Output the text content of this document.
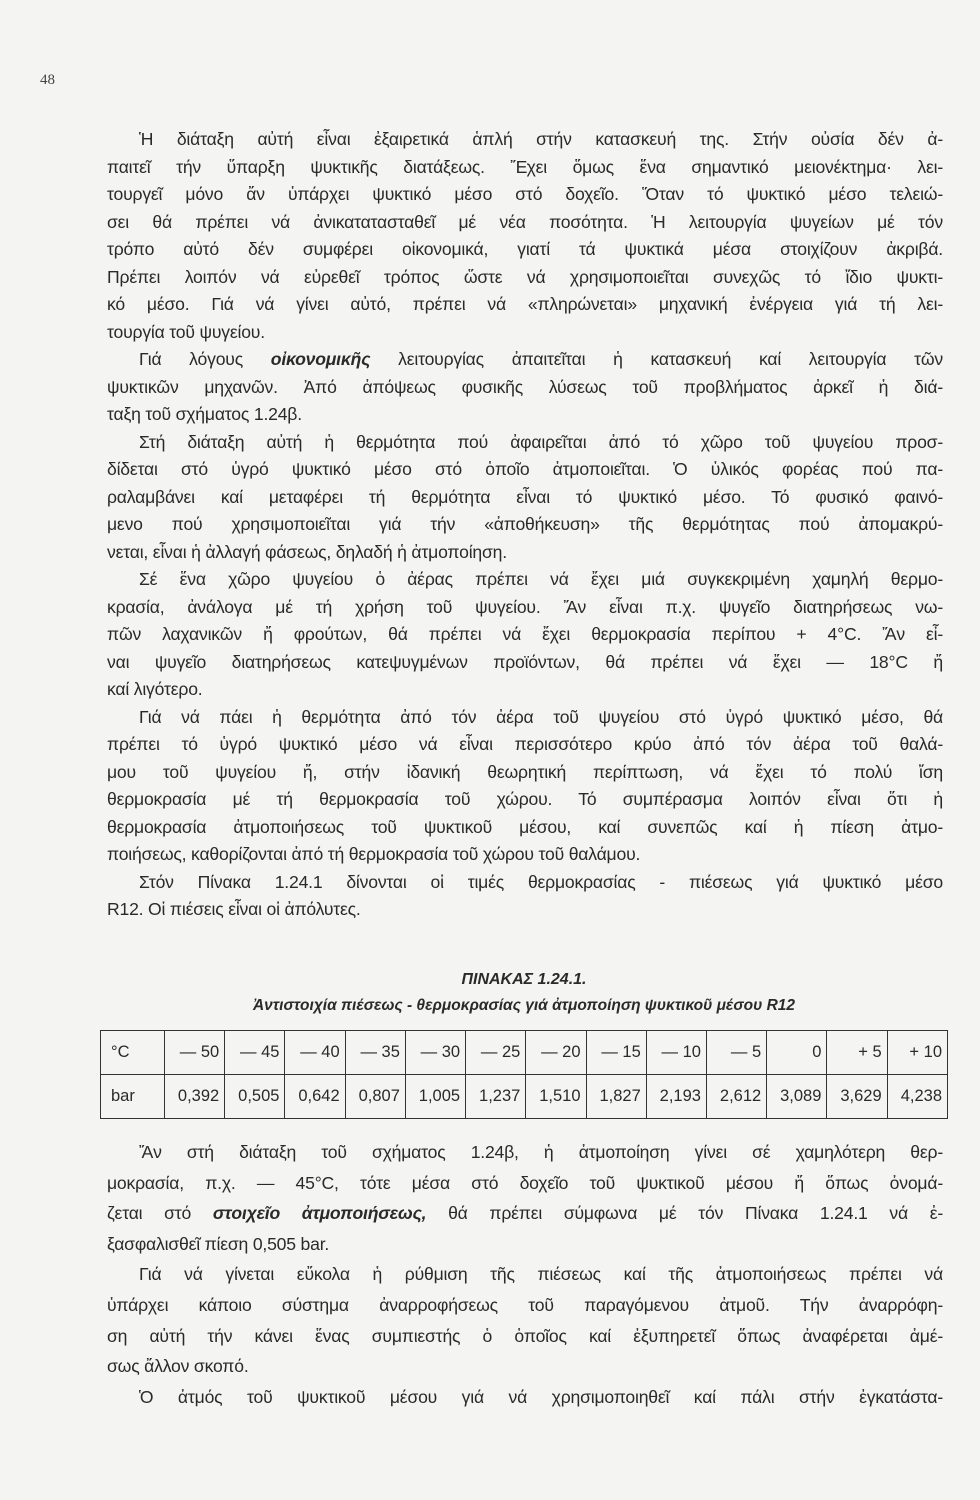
48
Ἡ διάταξη αὐτή εἶναι ἐξαιρετικά ἁπλή στήν κατασκευή της. Στήν οὐσία δέν ἀ-
παιτεῖ τήν ὕπαρξη ψυκτικῆς διατάξεως. Ἔχει ὅμως ἕνα σημαντικό μειονέκτημα· λει-
τουργεῖ μόνο ἄν ὑπάρχει ψυκτικό μέσο στό δοχεῖο. Ὅταν τό ψυκτικό μέσο τελειώ-
σει θά πρέπει νά ἀνικατατασταθεῖ μέ νέα ποσότητα. Ἡ λειτουργία ψυγείων μέ τόν
τρόπο αὐτό δέν συμφέρει οἰκονομικά, γιατί τά ψυκτικά μέσα στοιχίζουν ἀκριβά.
Πρέπει λοιπόν νά εὑρεθεῖ τρόπος ὥστε νά χρησιμοποιεῖται συνεχῶς τό ἴδιο ψυκτι-
κό μέσο. Γιά νά γίνει αὐτό, πρέπει νά «πληρώνεται» μηχανική ἐνέργεια γιά τή λει-
τουργία τοῦ ψυγείου.
Γιά λόγους οἰκονομικῆς λειτουργίας ἀπαιτεῖται ἡ κατασκευή καί λειτουργία τῶν
ψυκτικῶν μηχανῶν. Ἀπό ἀπόψεως φυσικῆς λύσεως τοῦ προβλήματος ἀρκεῖ ἡ διά-
ταξη τοῦ σχήματος 1.24β.
Στή διάταξη αὐτή ἡ θερμότητα πού ἀφαιρεῖται ἀπό τό χῶρο τοῦ ψυγείου προσ-
δίδεται στό ὑγρό ψυκτικό μέσο στό ὁποῖο ἀτμοποιεῖται. Ὁ ὑλικός φορέας πού πα-
ραλαμβάνει καί μεταφέρει τή θερμότητα εἶναι τό ψυκτικό μέσο. Τό φυσικό φαινό-
μενο πού χρησιμοποιεῖται γιά τήν «ἀποθήκευση» τῆς θερμότητας πού ἀπομακρύ-
νεται, εἶναι ἡ ἀλλαγή φάσεως, δηλαδή ἡ ἀτμοποίηση.
Σέ ἕνα χῶρο ψυγείου ὁ ἀέρας πρέπει νά ἔχει μιά συγκεκριμένη χαμηλή θερμο-
κρασία, ἀνάλογα μέ τή χρήση τοῦ ψυγείου. Ἄν εἶναι π.χ. ψυγεῖο διατηρήσεως νω-
πῶν λαχανικῶν ἤ φρούτων, θά πρέπει νά ἔχει θερμοκρασία περίπου + 4°C. Ἄν εἶ-
ναι ψυγεῖο διατηρήσεως κατεψυγμένων προϊόντων, θά πρέπει νά ἔχει — 18°C ἤ
καί λιγότερο.
Γιά νά πάει ἡ θερμότητα ἀπό τόν ἀέρα τοῦ ψυγείου στό ὑγρό ψυκτικό μέσο, θά
πρέπει τό ὑγρό ψυκτικό μέσο νά εἶναι περισσότερο κρύο ἀπό τόν ἀέρα τοῦ θαλά-
μου τοῦ ψυγείου ἤ, στήν ἰδανική θεωρητική περίπτωση, νά ἔχει τό πολύ ἴση
θερμοκρασία μέ τή θερμοκρασία τοῦ χώρου. Τό συμπέρασμα λοιπόν εἶναι ὅτι ἡ
θερμοκρασία ἀτμοποιήσεως τοῦ ψυκτικοῦ μέσου, καί συνεπῶς καί ἡ πίεση ἀτμο-
ποιήσεως, καθορίζονται ἀπό τή θερμοκρασία τοῦ χώρου τοῦ θαλάμου.
Στόν Πίνακα 1.24.1 δίνονται οἱ τιμές θερμοκρασίας - πιέσεως γιά ψυκτικό μέσο
R12. Οἱ πιέσεις εἶναι οἱ ἀπόλυτες.
ΠΙΝΑΚΑΣ 1.24.1.
Ἀντιστοιχία πιέσεως - θερμοκρασίας γιά ἀτμοποίηση ψυκτικοῦ μέσου R12
°C	— 50	— 45	— 40	— 35	— 30	— 25	— 20	— 15	— 10	— 5	0	+ 5	+ 10
bar	0,392	0,505	0,642	0,807	1,005	1,237	1,510	1,827	2,193	2,612	3,089	3,629	4,238
Ἄν στή διάταξη τοῦ σχήματος 1.24β, ἡ ἀτμοποίηση γίνει σέ χαμηλότερη θερ-
μοκρασία, π.χ. — 45°C, τότε μέσα στό δοχεῖο τοῦ ψυκτικοῦ μέσου ἤ ὅπως ὀνομά-
ζεται στό στοιχεῖο ἀτμοποιήσεως, θά πρέπει σύμφωνα μέ τόν Πίνακα 1.24.1 νά ἐ-
ξασφαλισθεῖ πίεση 0,505 bar.
Γιά νά γίνεται εὔκολα ἡ ρύθμιση τῆς πιέσεως καί τῆς ἀτμοποιήσεως πρέπει νά
ὑπάρχει κάποιο σύστημα ἀναρροφήσεως τοῦ παραγόμενου ἀτμοῦ. Τήν ἀναρρόφη-
ση αὐτή τήν κάνει ἕνας συμπιεστής ὁ ὁποῖος καί ἐξυπηρετεῖ ὅπως ἀναφέρεται ἀμέ-
σως ἄλλον σκοπό.
Ὁ ἀτμός τοῦ ψυκτικοῦ μέσου γιά νά χρησιμοποιηθεῖ καί πάλι στήν ἐγκατάστα-
